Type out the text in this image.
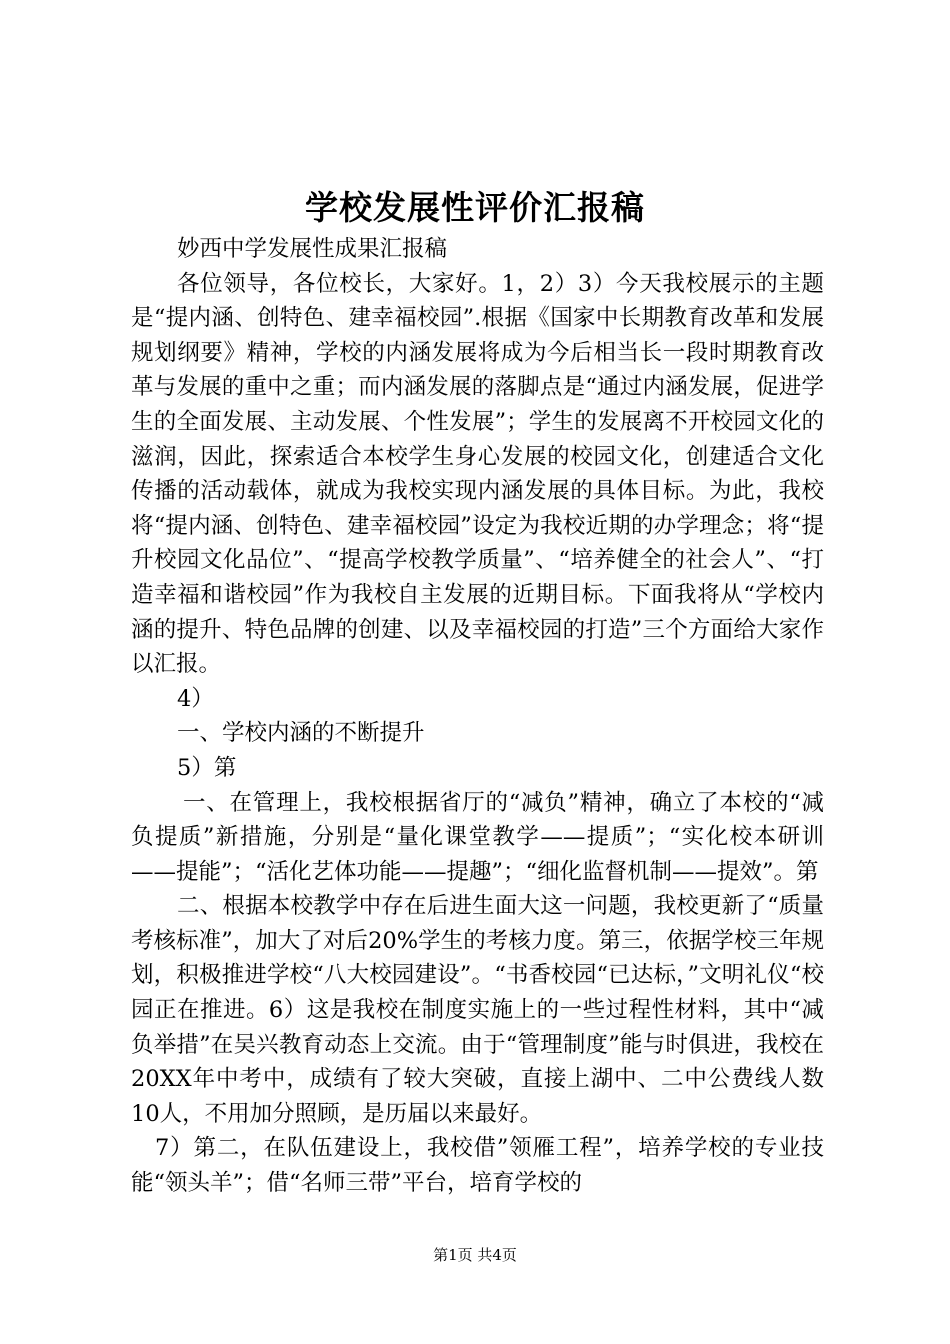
学校发展性评价汇报稿

妙西中学发展性成果汇报稿

各位领导，各位校长，大家好。1，2）3）今天我校展示的主题是“提内涵、创特色、建幸福校园”.根据《国家中长期教育改革和发展规划纲要》精神，学校的内涵发展将成为今后相当长一段时期教育改革与发展的重中之重；而内涵发展的落脚点是“通过内涵发展，促进学生的全面发展、主动发展、个性发展”；学生的发展离不开校园文化的滋润，因此，探索适合本校学生身心发展的校园文化，创建适合文化传播的活动载体，就成为我校实现内涵发展的具体目标。为此，我校将“提内涵、创特色、建幸福校园”设定为我校近期的办学理念；将“提升校园文化品位”、“提高学校教学质量”、“培养健全的社会人”、“打造幸福和谐校园”作为我校自主发展的近期目标。下面我将从“学校内涵的提升、特色品牌的创建、以及幸福校园的打造”三个方面给大家作以汇报。

4）

一、学校内涵的不断提升

5）第

一、在管理上，我校根据省厅的“减负”精神，确立了本校的“减负提质”新措施，分别是“量化课堂教学——提质”；“实化校本研训——提能”；“活化艺体功能——提趣”；“细化监督机制——提效”。第

二、根据本校教学中存在后进生面大这一问题，我校更新了“质量考核标准”，加大了对后20%学生的考核力度。第三，依据学校三年规划，积极推进学校“八大校园建设”。“书香校园“已达标，”文明礼仪“校园正在推进。6）这是我校在制度实施上的一些过程性材料，其中“减负举措”在吴兴教育动态上交流。由于“管理制度”能与时俱进，我校在20XX年中考中，成绩有了较大突破，直接上湖中、二中公费线人数10人，不用加分照顾，是历届以来最好。

7）第二，在队伍建设上，我校借”领雁工程”，培养学校的专业技能“领头羊”；借“名师三带”平台，培育学校的

第1页 共4页
